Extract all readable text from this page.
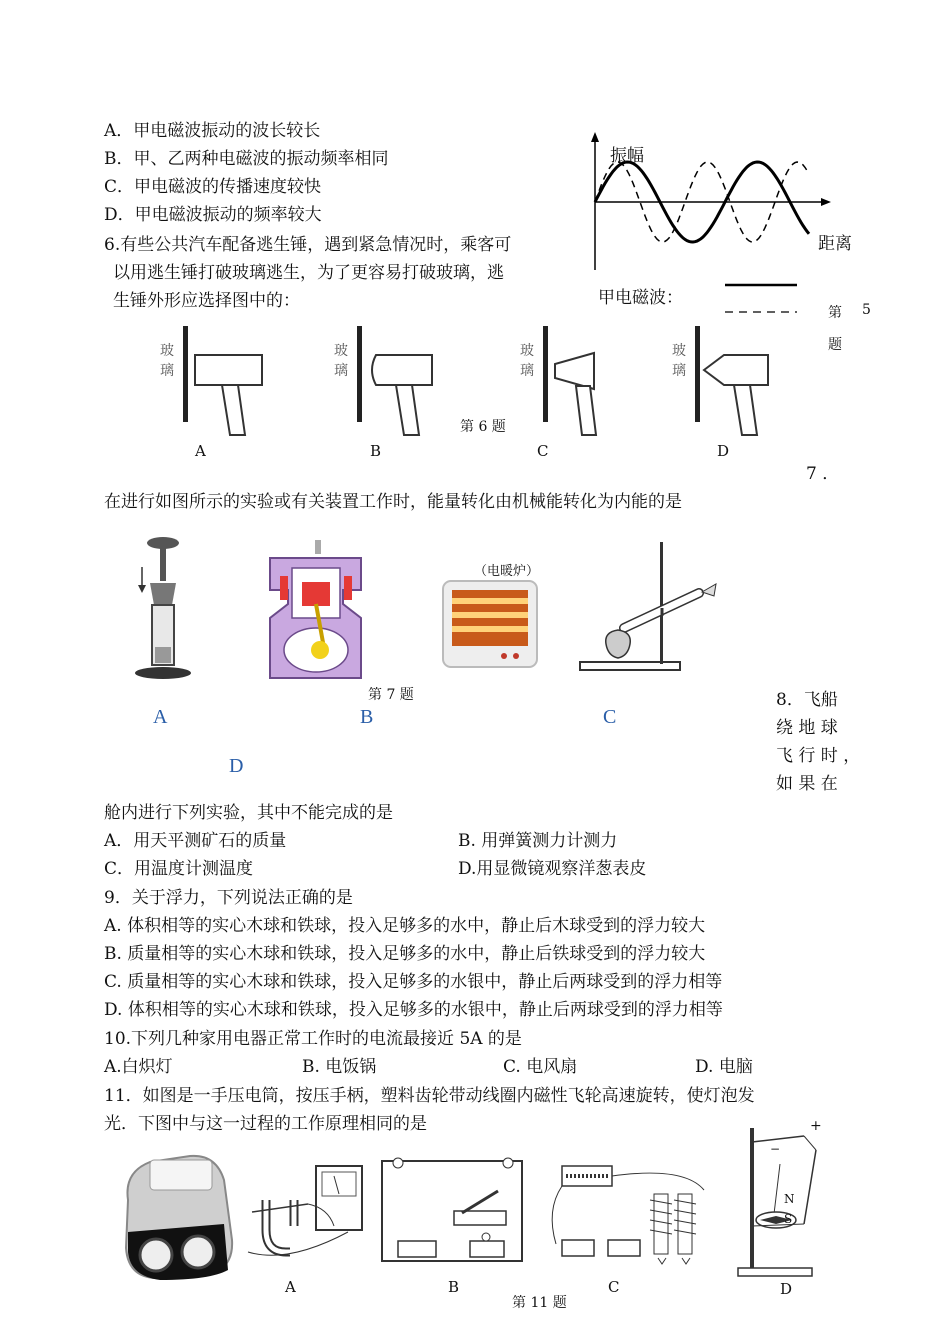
A．甲电磁波振动的波长较长
B．甲、乙两种电磁波的振动频率相同
C．甲电磁波的传播速度较快
D．甲电磁波振动的频率较大
振幅
距离
甲电磁波：
第 5
题
6.有些公共汽车配备逃生锤，遇到紧急情况时，乘客可
以用逃生锤打破玻璃逃生，为了更容易打破玻璃，逃
生锤外形应选择图中的：
玻
璃
玻
璃
玻
璃
玻
璃
A	B	C	D
第 6 题
7 ．
在进行如图所示的实验或有关装置工作时，能量转化由机械能转化为内能的是
（电暖炉）
第 7 题
A	B	C
D
8．飞船
绕 地 球
飞 行 时 ，
如 果 在
舱内进行下列实验，其中不能完成的是
A．用天平测矿石的质量	B. 用弹簧测力计测力
C．用温度计测温度	D.用显微镜观察洋葱表皮
9．关于浮力，下列说法正确的是
A. 体积相等的实心木球和铁球，投入足够多的水中，静止后木球受到的浮力较大
B. 质量相等的实心木球和铁球，投入足够多的水中，静止后铁球受到的浮力较大
C. 质量相等的实心木球和铁球，投入足够多的水银中，静止后两球受到的浮力相等
D. 体积相等的实心木球和铁球，投入足够多的水银中，静止后两球受到的浮力相等
10.下列几种家用电器正常工作时的电流最接近 5A 的是
A.白炽灯	B. 电饭锅	C. 电风扇	D. 电脑
11．如图是一手压电筒，按压手柄，塑料齿轮带动线圈内磁性飞轮高速旋转，使灯泡发
光．下图中与这一过程的工作原理相同的是
N
S
+
−
A	B	C	D
第 11 题
